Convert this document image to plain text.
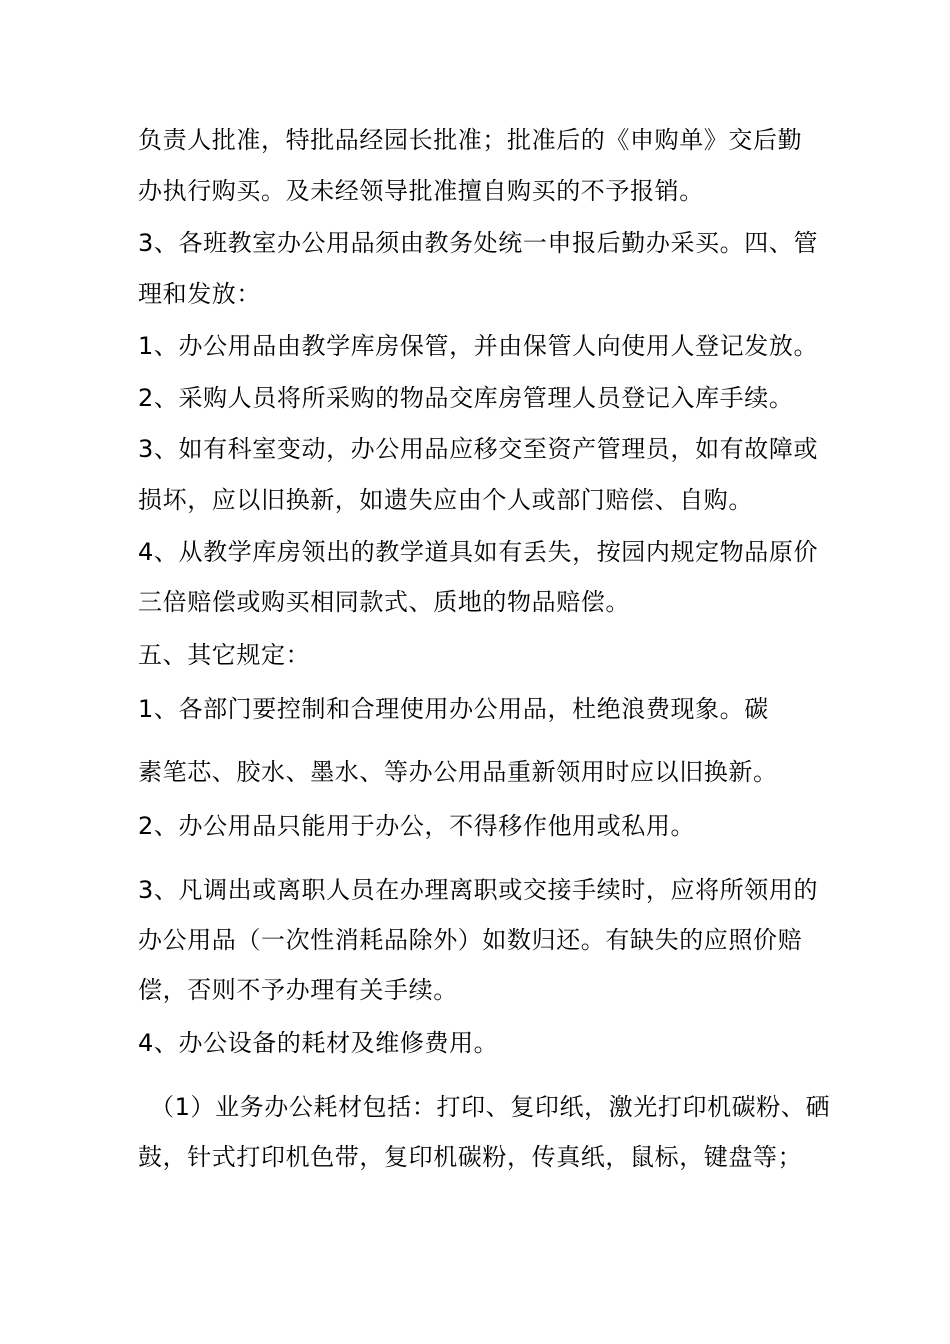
负责人批准，特批品经园长批准；批准后的《申购单》交后勤
办执行购买。及未经领导批准擅自购买的不予报销。
3、各班教室办公用品须由教务处统一申报后勤办采买。四、管
理和发放：
1、办公用品由教学库房保管，并由保管人向使用人登记发放。
2、采购人员将所采购的物品交库房管理人员登记入库手续。
3、如有科室变动，办公用品应移交至资产管理员，如有故障或
损坏，应以旧换新，如遗失应由个人或部门赔偿、自购。
4、从教学库房领出的教学道具如有丢失，按园内规定物品原价
三倍赔偿或购买相同款式、质地的物品赔偿。
五、其它规定：
1、各部门要控制和合理使用办公用品，杜绝浪费现象。碳
素笔芯、胶水、墨水、等办公用品重新领用时应以旧换新。
2、办公用品只能用于办公，不得移作他用或私用。
3、凡调出或离职人员在办理离职或交接手续时，应将所领用的
办公用品（一次性消耗品除外）如数归还。有缺失的应照价赔
偿，否则不予办理有关手续。
4、办公设备的耗材及维修费用。
（1）业务办公耗材包括：打印、复印纸，激光打印机碳粉、硒
鼓，针式打印机色带，复印机碳粉，传真纸，鼠标，键盘等；
